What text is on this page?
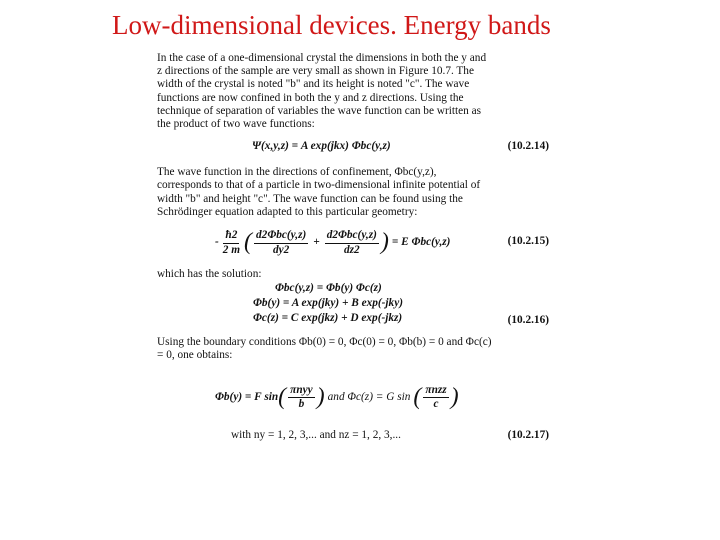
Low-dimensional devices. Energy bands
In the case of a one-dimensional crystal the dimensions in both the y and
z directions of the sample are very small as shown in Figure 10.7. The
width of the crystal is noted "b" and its height is noted "c". The wave
functions are now confined in both the y and z directions. Using the
technique of separation of variables the wave function can be written as
the product of two wave functions:
Ψ(x,y,z) = A exp(jkx) Φbc(y,z)	(10.2.14)
The wave function in the directions of confinement, Φbc(y,z),
corresponds to that of a particle in two-dimensional infinite potential of
width "b" and height "c". The wave function can be found using the
Schrödinger equation adapted to this particular geometry:
- $\frac{ħ2}{2 m}$ ( $\frac{\text{d2Φbc(y,z)}}{dy2} + \frac{\text{d2Φbc(y,z)}}{dz2}$ ) = E Φbc(y,z)	(10.2.15)
which has the solution:
Φbc(y,z) = Φb(y) Φc(z)
Φb(y) = A exp(jky) + B exp(-jky)
Φc(z) = C exp(jkz) + D exp(-jkz)	(10.2.16)
Using the boundary conditions Φb(0) = 0, Φc(0) = 0, Φb(b) = 0 and Φc(c)
= 0, one obtains:
Φb(y) = F sin ( $\frac{\text{πnyy}}{b}$ ) and Φc(z) = G sin ( $\frac{\text{πnzz}}{c}$ )
with ny = 1, 2, 3,... and nz = 1, 2, 3,...	(10.2.17)
